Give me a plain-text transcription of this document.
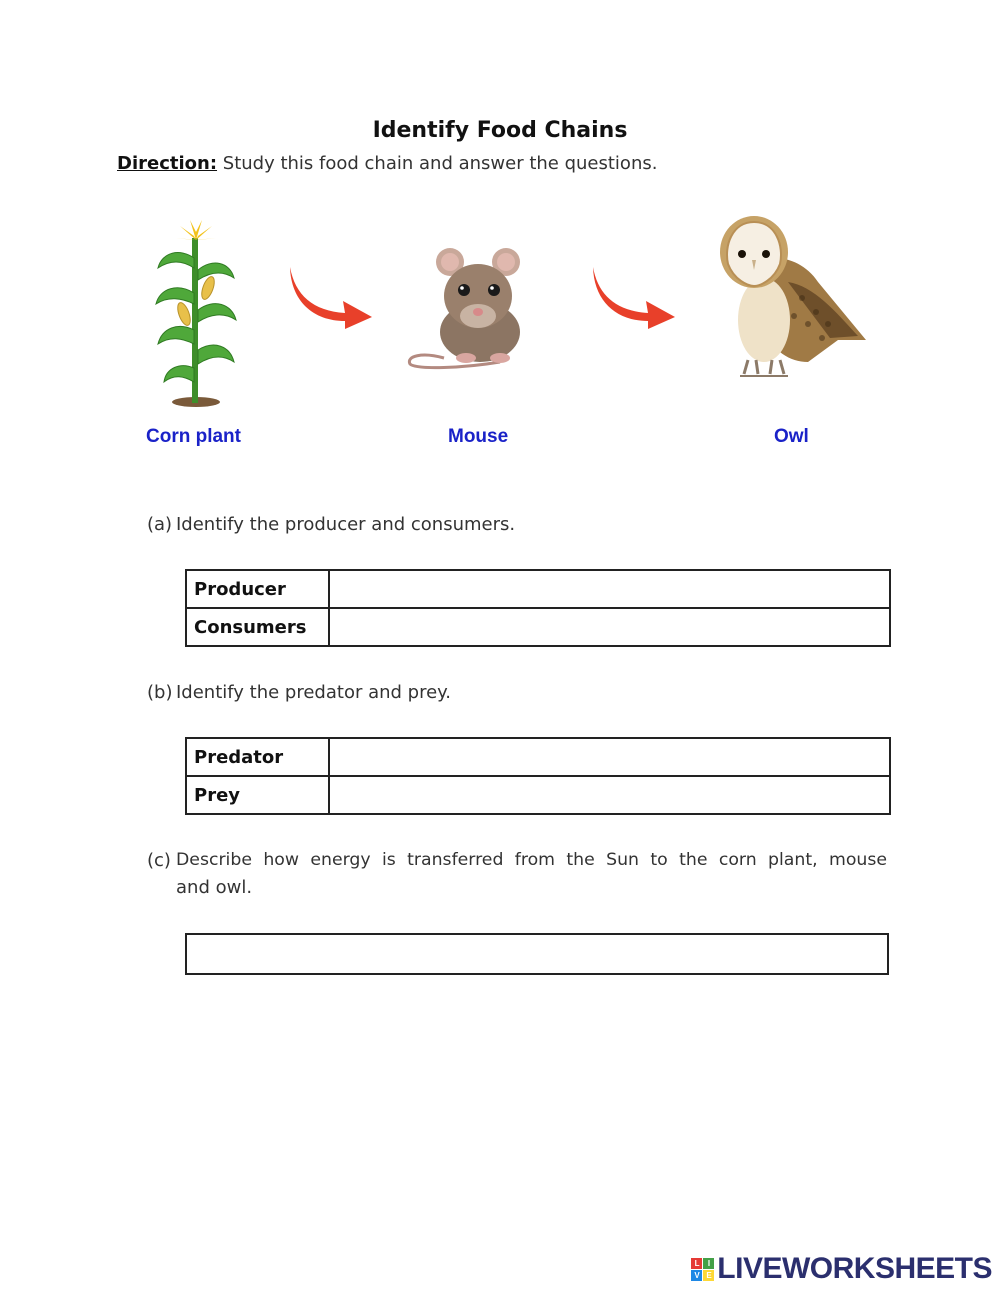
Identify Food Chains
Direction: Study this food chain and answer the questions.
Corn plant	Mouse	Owl
(a) Identify the producer and consumers.
Producer	
Consumers	
(b) Identify the predator and prey.
Predator	
Prey	
(c) Describe how energy is transferred from the Sun to the corn plant, mouse
and owl.
L	I
V E LIVEWORKSHEETS
